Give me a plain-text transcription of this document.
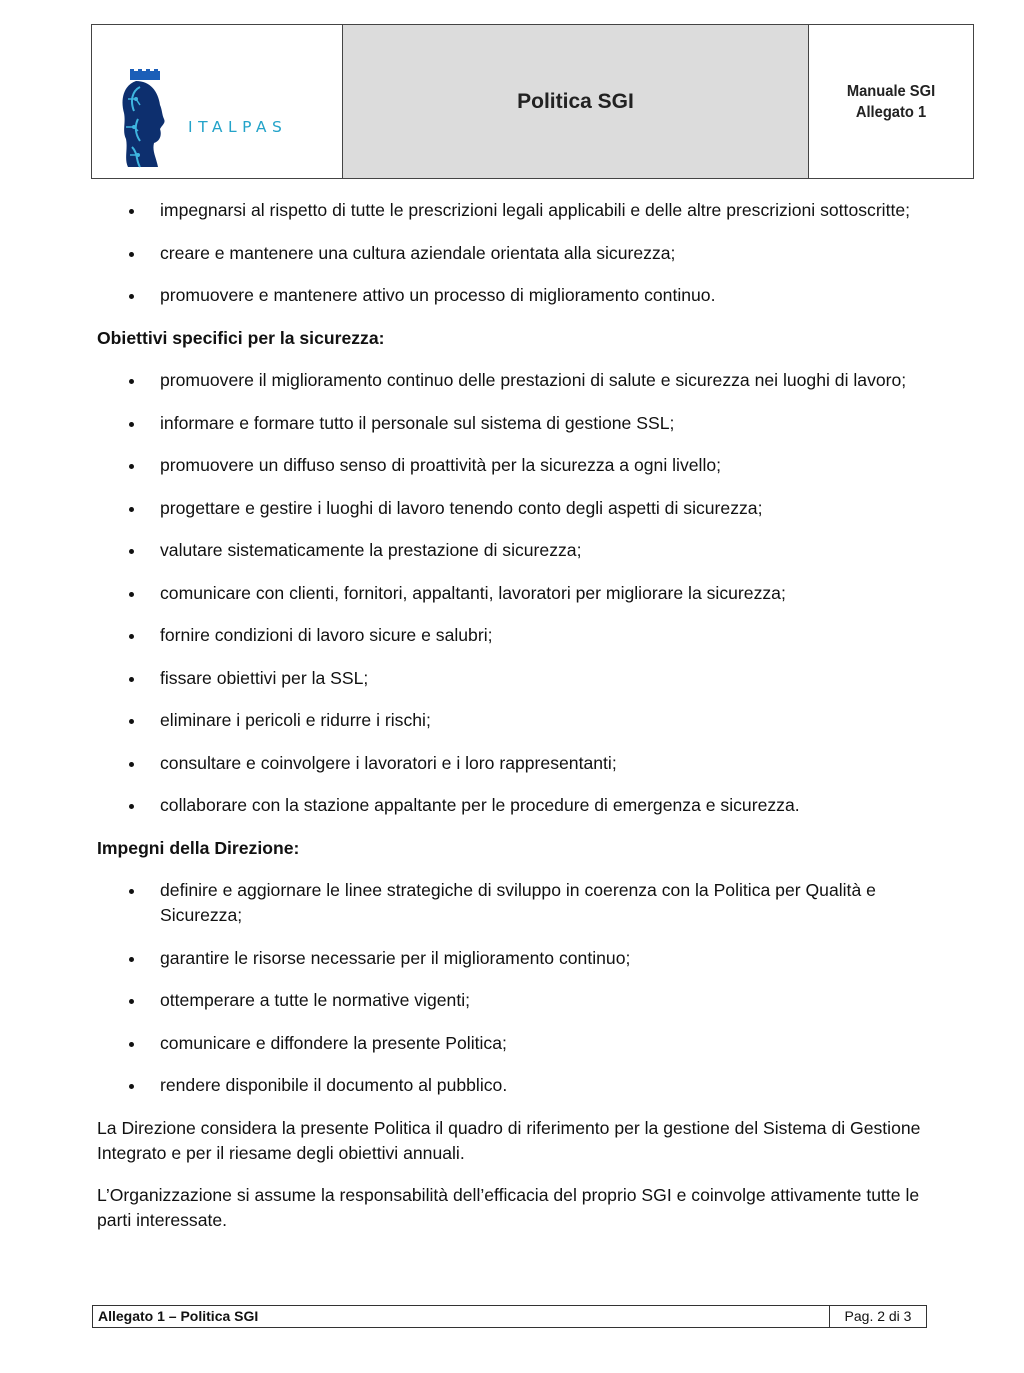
ITALPAS
Politica SGI	Manuale SGI
Allegato 1
impegnarsi al rispetto di tutte le prescrizioni legali applicabili e delle altre prescrizioni sottoscritte;
creare e mantenere una cultura aziendale orientata alla sicurezza;
promuovere e mantenere attivo un processo di miglioramento continuo.
Obiettivi specifici per la sicurezza:
promuovere il miglioramento continuo delle prestazioni di salute e sicurezza nei luoghi di lavoro;
informare e formare tutto il personale sul sistema di gestione SSL;
promuovere un diffuso senso di proattività per la sicurezza a ogni livello;
progettare e gestire i luoghi di lavoro tenendo conto degli aspetti di sicurezza;
valutare sistematicamente la prestazione di sicurezza;
comunicare con clienti, fornitori, appaltanti, lavoratori per migliorare la sicurezza;
fornire condizioni di lavoro sicure e salubri;
fissare obiettivi per la SSL;
eliminare i pericoli e ridurre i rischi;
consultare e coinvolgere i lavoratori e i loro rappresentanti;
collaborare con la stazione appaltante per le procedure di emergenza e sicurezza.
Impegni della Direzione:
definire e aggiornare le linee strategiche di sviluppo in coerenza con la Politica per Qualità e Sicurezza;
garantire le risorse necessarie per il miglioramento continuo;
ottemperare a tutte le normative vigenti;
comunicare e diffondere la presente Politica;
rendere disponibile il documento al pubblico.

La Direzione considera la presente Politica il quadro di riferimento per la gestione del Sistema di Gestione Integrato e per il riesame degli obiettivi annuali.

L’Organizzazione si assume la responsabilità dell’efficacia del proprio SGI e coinvolge attivamente tutte le parti interessate.

Allegato 1 – Politica SGI	Pag. 2 di 3
